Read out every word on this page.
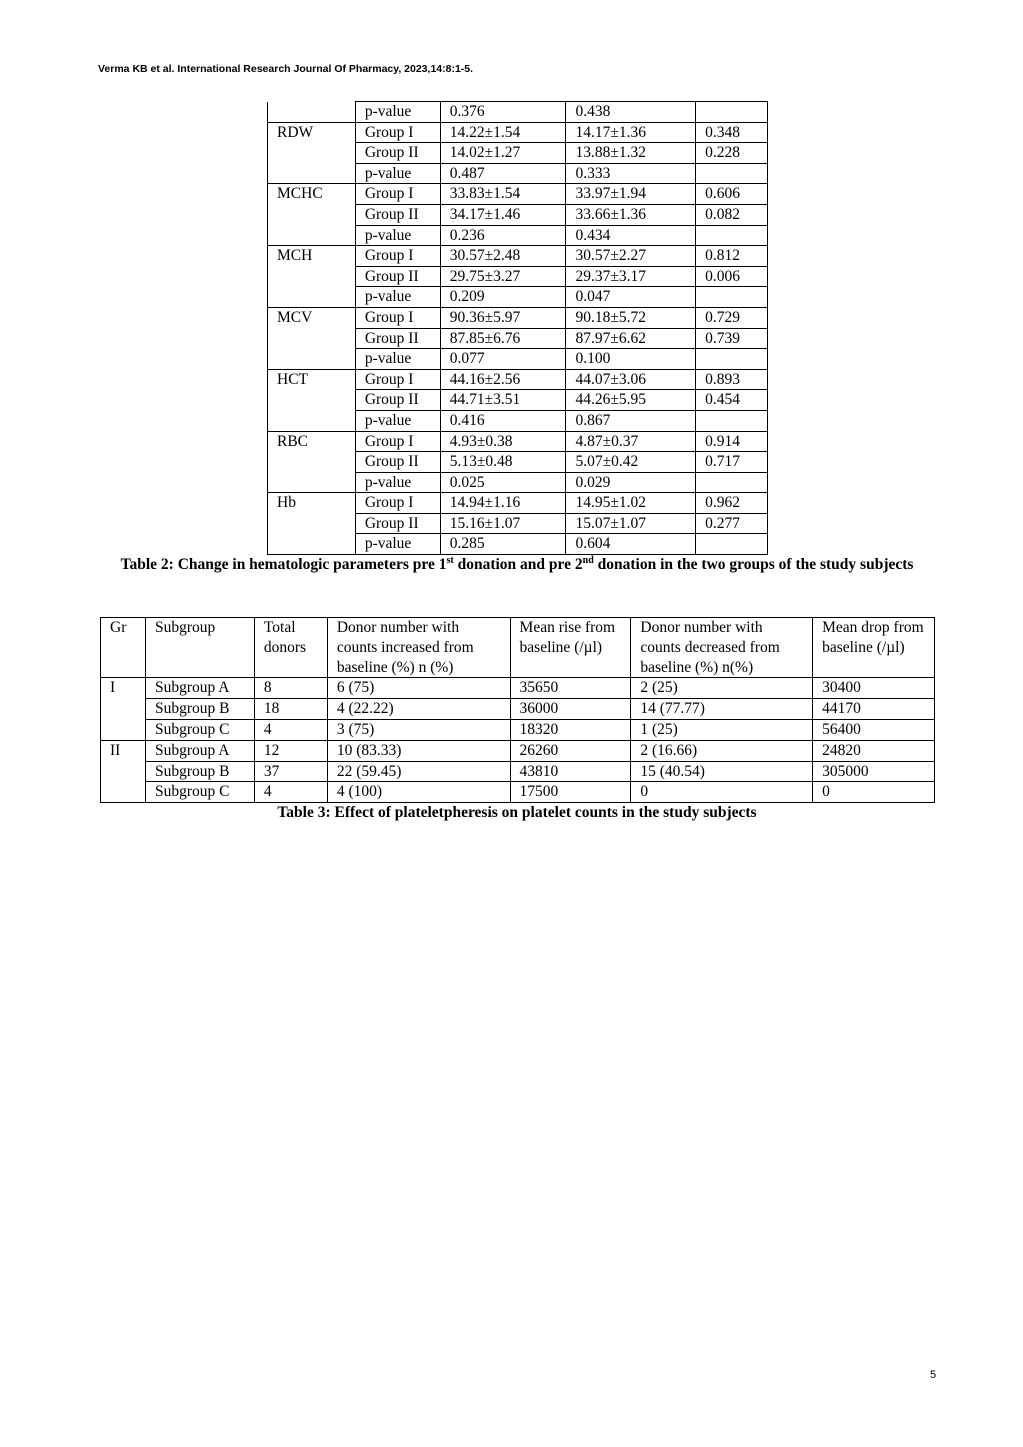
Verma KB et al. International Research Journal Of Pharmacy, 2023,14:8:1-5.
	p-value	0.376	0.438	
RDW	Group I	14.22±1.54	14.17±1.36	0.348
	Group II	14.02±1.27	13.88±1.32	0.228
	p-value	0.487	0.333	
MCHC	Group I	33.83±1.54	33.97±1.94	0.606
	Group II	34.17±1.46	33.66±1.36	0.082
	p-value	0.236	0.434	
MCH	Group I	30.57±2.48	30.57±2.27	0.812
	Group II	29.75±3.27	29.37±3.17	0.006
	p-value	0.209	0.047	
MCV	Group I	90.36±5.97	90.18±5.72	0.729
	Group II	87.85±6.76	87.97±6.62	0.739
	p-value	0.077	0.100	
HCT	Group I	44.16±2.56	44.07±3.06	0.893
	Group II	44.71±3.51	44.26±5.95	0.454
	p-value	0.416	0.867	
RBC	Group I	4.93±0.38	4.87±0.37	0.914
	Group II	5.13±0.48	5.07±0.42	0.717
	p-value	0.025	0.029	
Hb	Group I	14.94±1.16	14.95±1.02	0.962
	Group II	15.16±1.07	15.07±1.07	0.277
	p-value	0.285	0.604	
Table 2: Change in hematologic parameters pre 1st donation and pre 2nd donation in the two groups of the study subjects
Gr	Subgroup	Total donors	Donor number with counts increased from baseline (%) n (%)	Mean rise from baseline (/µl)	Donor number with counts decreased from baseline (%) n(%)	Mean drop from baseline (/µl)
I	Subgroup A	8	6 (75)	35650	2 (25)	30400
	Subgroup B	18	4 (22.22)	36000	14 (77.77)	44170
	Subgroup C	4	3 (75)	18320	1 (25)	56400
II	Subgroup A	12	10 (83.33)	26260	2 (16.66)	24820
	Subgroup B	37	22 (59.45)	43810	15 (40.54)	305000
	Subgroup C	4	4 (100)	17500	0	0
Table 3: Effect of plateletpheresis on platelet counts in the study subjects
5
